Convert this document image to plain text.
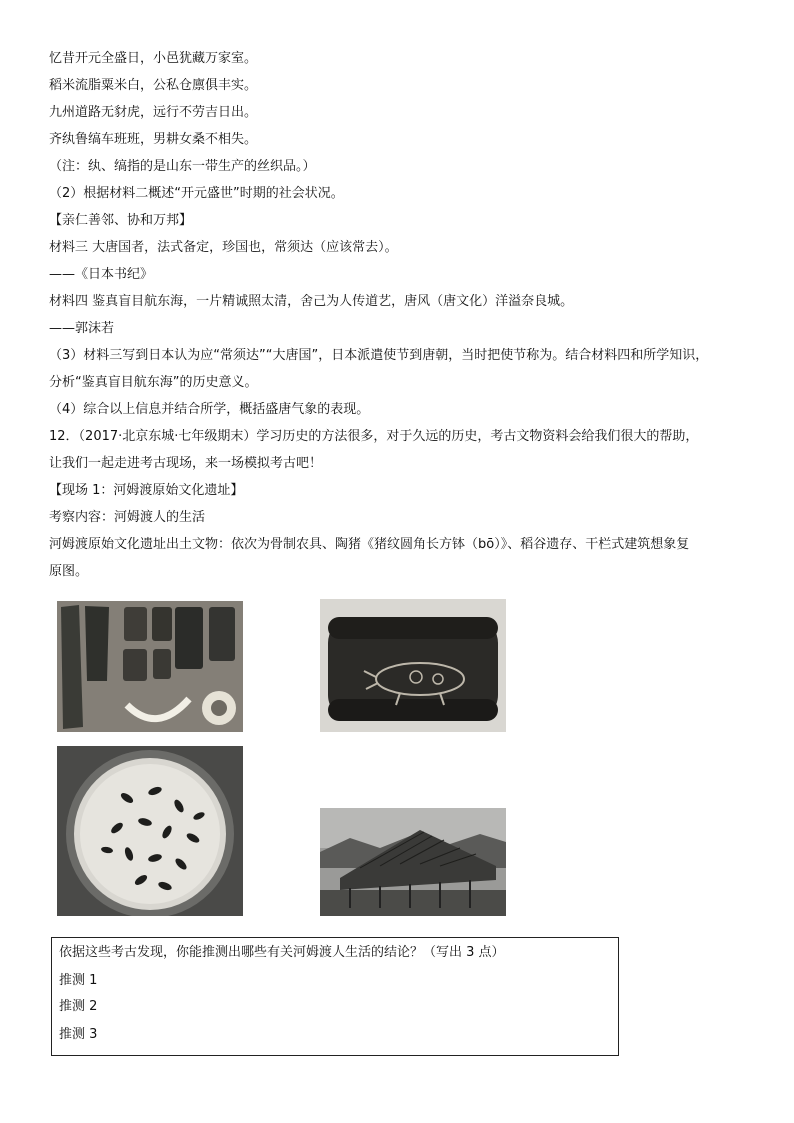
忆昔开元全盛日，小邑犹藏万家室。
稻米流脂粟米白，公私仓廪俱丰实。
九州道路无豺虎，远行不劳吉日出。
齐纨鲁缟车班班，男耕女桑不相失。
（注：纨、缟指的是山东一带生产的丝织品。）
（2）根据材料二概述“开元盛世”时期的社会状况。
【亲仁善邻、协和万邦】
材料三 大唐国者，法式备定，珍国也，常须达（应该常去）。
——《日本书纪》
材料四 鉴真盲目航东海，一片精诚照太清，舍己为人传道艺，唐风（唐文化）洋溢奈良城。
——郭沫若
（3）材料三写到日本认为应“常须达”“大唐国”，日本派遣使节到唐朝，当时把使节称为。结合材料四和所学知识，
分析“鉴真盲目航东海”的历史意义。
（4）综合以上信息并结合所学，概括盛唐气象的表现。
12．（2017·北京东城·七年级期末）学习历史的方法很多，对于久远的历史，考古文物资料会给我们很大的帮助，
让我们一起走进考古现场，来一场模拟考古吧！
【现场 1：河姆渡原始文化遗址】
考察内容：河姆渡人的生活
河姆渡原始文化遗址出土文物：依次为骨制农具、陶猪《猪纹圆角长方钵（bō）》、稻谷遗存、干栏式建筑想象复
原图。
依据这些考古发现，你能推测出哪些有关河姆渡人生活的结论？（写出 3 点）
推测 1
推测 2
推测 3
